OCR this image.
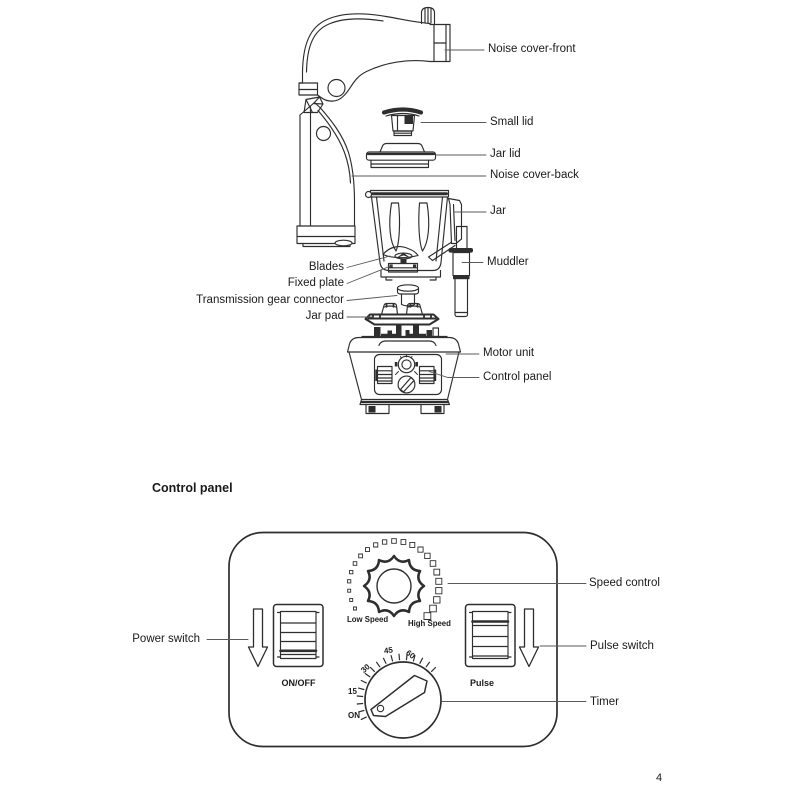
Noise cover-front
Small lid
Jar lid
Noise cover-back
Jar
Muddler
Motor unit
Control panel
Blades
Fixed plate
Transmission gear connector
Jar pad
Control panel
Power switch
Speed control
Pulse switch
Timer
ON/OFF	Pulse
Low Speed	High Speed
ON
15
30
45 60
4
